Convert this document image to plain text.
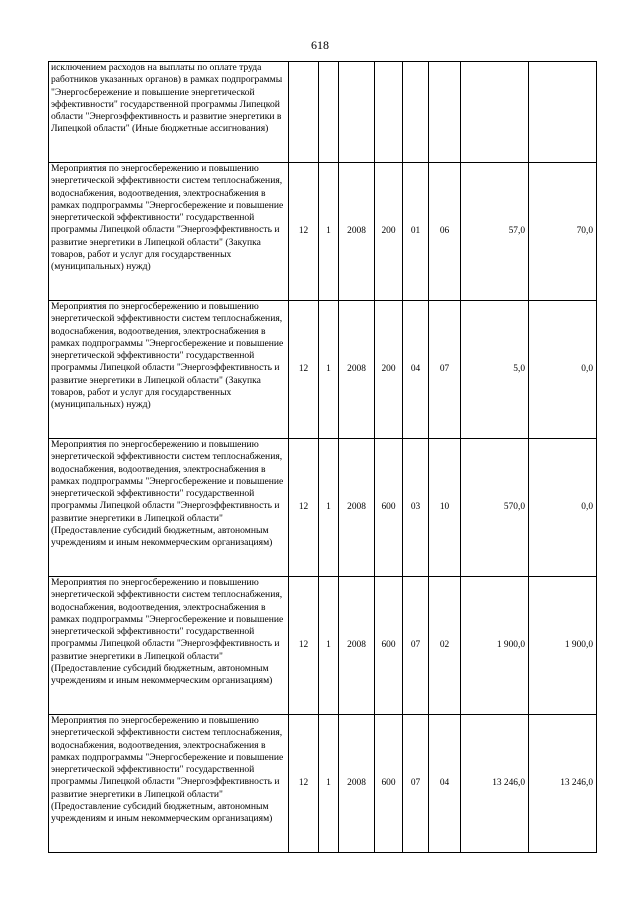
618
исключением расходов на выплаты по оплате труда работников указанных органов) в рамках подпрограммы "Энергосбережение и повышение энергетической эффективности" государственной программы Липецкой области "Энергоэффективность и развитие энергетики в Липецкой области" (Иные бюджетные ассигнования)								
Мероприятия по энергосбережению и повышению энергетической эффективности систем теплоснабжения, водоснабжения, водоотведения, электроснабжения в рамках подпрограммы "Энергосбережение и повышение энергетической эффективности" государственной программы Липецкой области "Энергоэффективность и развитие энергетики в Липецкой области" (Закупка товаров, работ и услуг для государственных (муниципальных) нужд)	12	1	2008	200	01	06	57,0	70,0
Мероприятия по энергосбережению и повышению энергетической эффективности систем теплоснабжения, водоснабжения, водоотведения, электроснабжения в рамках подпрограммы "Энергосбережение и повышение энергетической эффективности" государственной программы Липецкой области "Энергоэффективность и развитие энергетики в Липецкой области" (Закупка товаров, работ и услуг для государственных (муниципальных) нужд)	12	1	2008	200	04	07	5,0	0,0
Мероприятия по энергосбережению и повышению энергетической эффективности систем теплоснабжения, водоснабжения, водоотведения, электроснабжения в рамках подпрограммы "Энергосбережение и повышение энергетической эффективности" государственной программы Липецкой области "Энергоэффективность и развитие энергетики в Липецкой области" (Предоставление субсидий бюджетным, автономным учреждениям и иным некоммерческим организациям)	12	1	2008	600	03	10	570,0	0,0
Мероприятия по энергосбережению и повышению энергетической эффективности систем теплоснабжения, водоснабжения, водоотведения, электроснабжения в рамках подпрограммы "Энергосбережение и повышение энергетической эффективности" государственной программы Липецкой области "Энергоэффективность и развитие энергетики в Липецкой области" (Предоставление субсидий бюджетным, автономным учреждениям и иным некоммерческим организациям)	12	1	2008	600	07	02	1 900,0	1 900,0
Мероприятия по энергосбережению и повышению энергетической эффективности систем теплоснабжения, водоснабжения, водоотведения, электроснабжения в рамках подпрограммы "Энергосбережение и повышение энергетической эффективности" государственной программы Липецкой области "Энергоэффективность и развитие энергетики в Липецкой области" (Предоставление субсидий бюджетным, автономным учреждениям и иным некоммерческим организациям)	12	1	2008	600	07	04	13 246,0	13 246,0
